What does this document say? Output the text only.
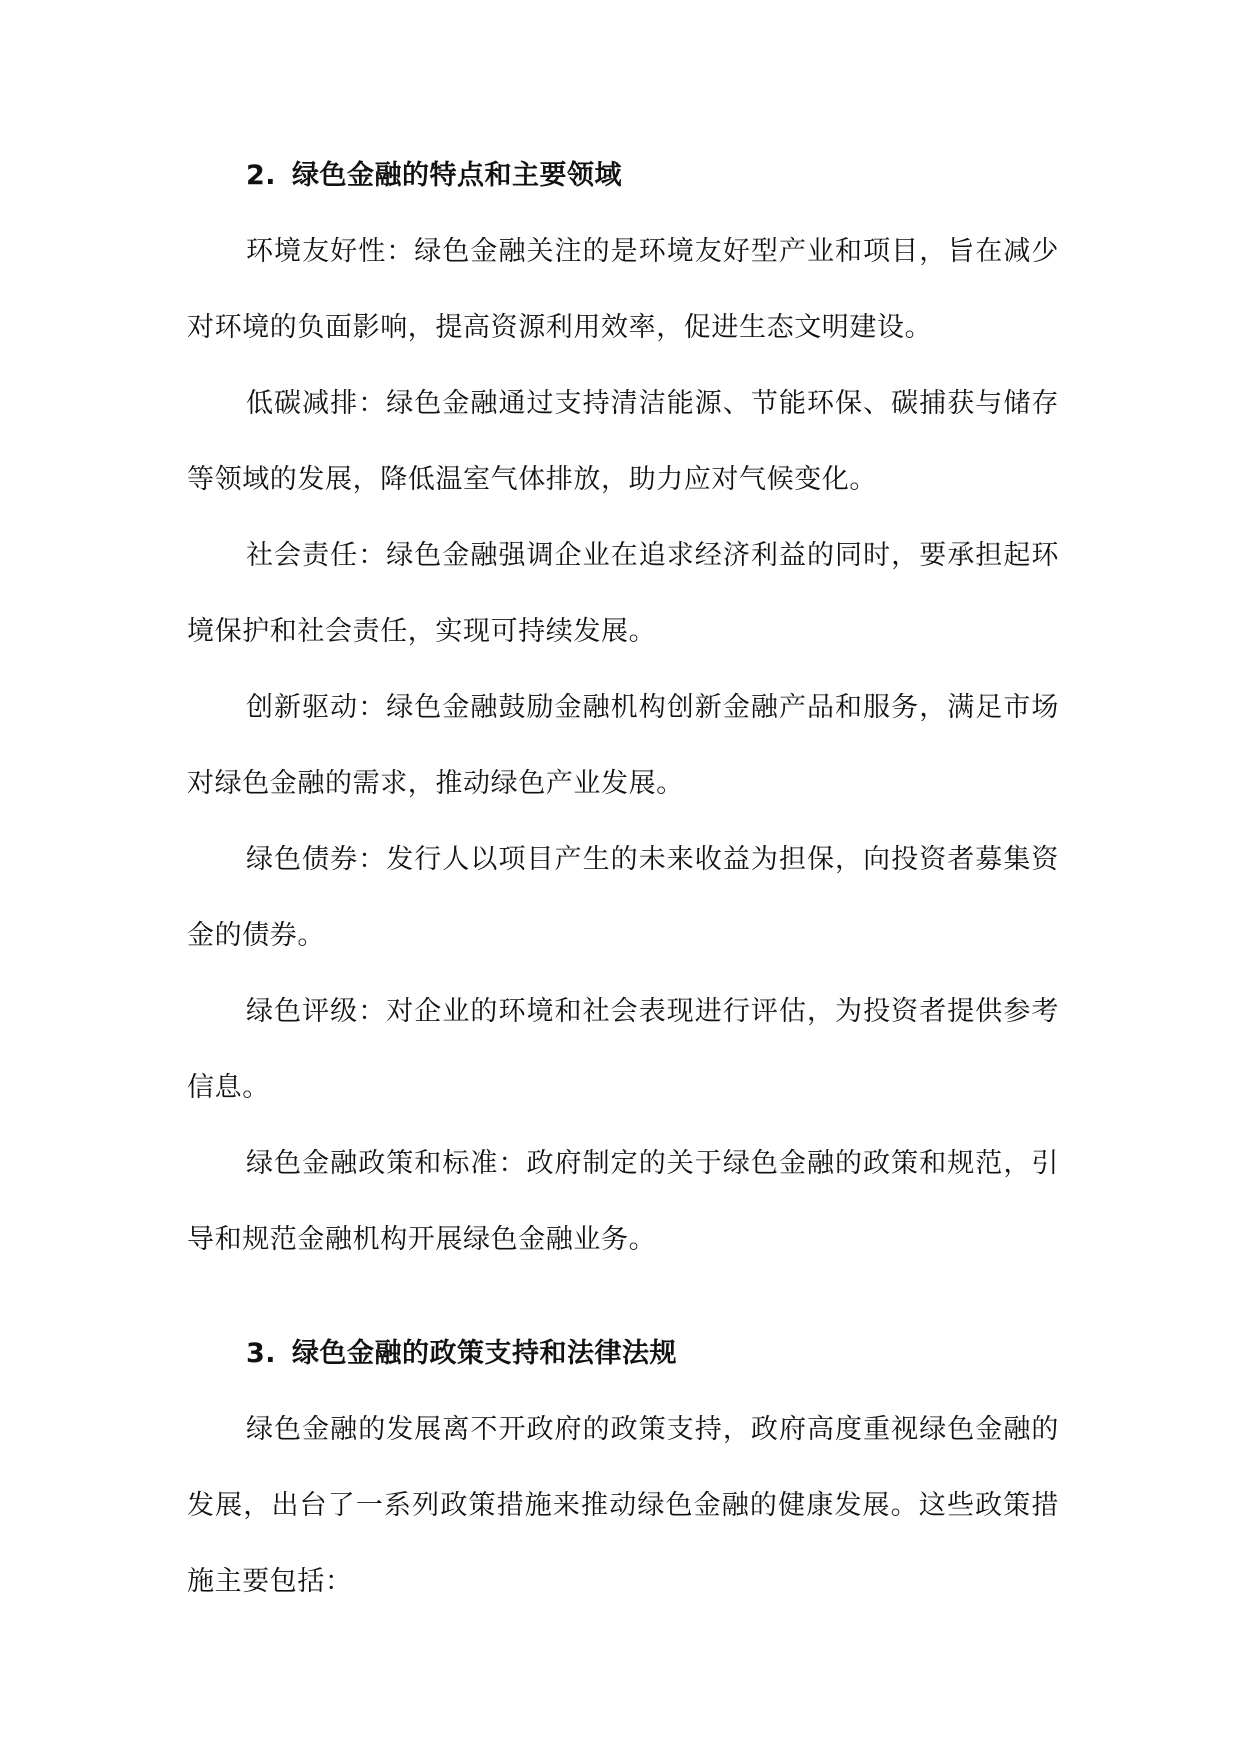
2. 绿色金融的特点和主要领域

环境友好性：绿色金融关注的是环境友好型产业和项目，旨在减少对环境的负面影响，提高资源利用效率，促进生态文明建设。

低碳减排：绿色金融通过支持清洁能源、节能环保、碳捕获与储存等领域的发展，降低温室气体排放，助力应对气候变化。

社会责任：绿色金融强调企业在追求经济利益的同时，要承担起环境保护和社会责任，实现可持续发展。

创新驱动：绿色金融鼓励金融机构创新金融产品和服务，满足市场对绿色金融的需求，推动绿色产业发展。

绿色债券：发行人以项目产生的未来收益为担保，向投资者募集资金的债券。

绿色评级：对企业的环境和社会表现进行评估，为投资者提供参考信息。

绿色金融政策和标准：政府制定的关于绿色金融的政策和规范，引导和规范金融机构开展绿色金融业务。

3. 绿色金融的政策支持和法律法规

绿色金融的发展离不开政府的政策支持，政府高度重视绿色金融的发展，出台了一系列政策措施来推动绿色金融的健康发展。这些政策措施主要包括：
